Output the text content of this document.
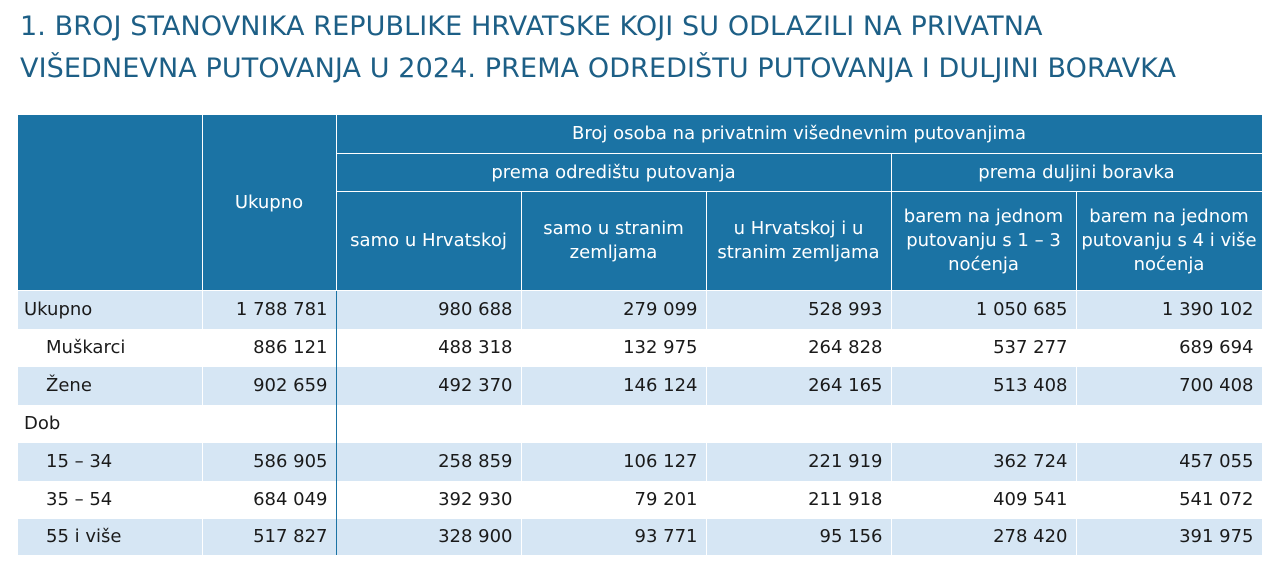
1. BROJ STANOVNIKA REPUBLIKE HRVATSKE KOJI SU ODLAZILI NA PRIVATNA
VIŠEDNEVNA PUTOVANJA U 2024. PREMA ODREDIŠTU PUTOVANJA I DULJINI BORAVKA
	Ukupno	Broj osoba na privatnim višednevnim putovanjima				
		prema odredištu putovanja			prema duljini boravka	
		samo u Hrvatskoj	samo u stranim zemljama	u Hrvatskoj i u stranim zemljama	barem na jednom putovanju s 1 – 3 noćenja	barem na jednom putovanju s 4 i više noćenja
Ukupno	1 788 781	980 688	279 099	528 993	1 050 685	1 390 102
Muškarci	886 121	488 318	132 975	264 828	537 277	689 694
Žene	902 659	492 370	146 124	264 165	513 408	700 408
Dob						
15 – 34	586 905	258 859	106 127	221 919	362 724	457 055
35 – 54	684 049	392 930	79 201	211 918	409 541	541 072
55 i više	517 827	328 900	93 771	95 156	278 420	391 975
